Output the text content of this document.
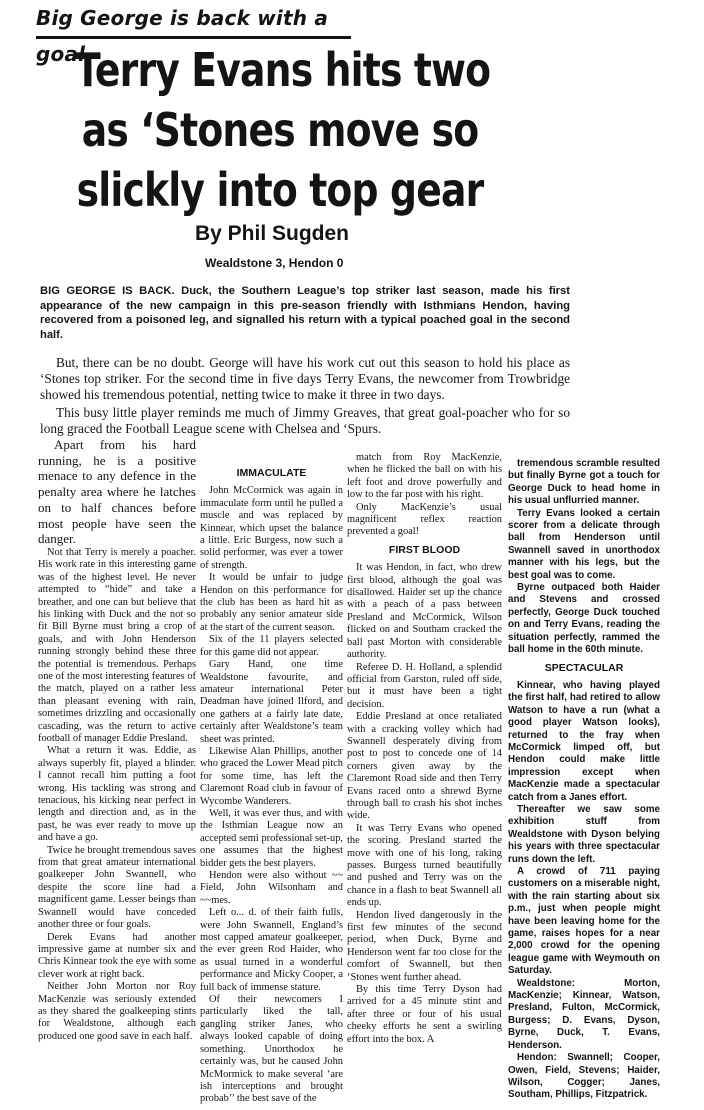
Big George is back with a goal
Terry Evans hits two
as ‘Stones move so
slickly into top gear
By Phil Sugden
Wealdstone 3, Hendon 0

BIG GEORGE IS BACK. Duck, the Southern League’s top striker last season, made his first appearance of the new campaign in this pre-season friendly with Isthmians Hendon, having recovered from a poisoned leg, and signalled his return with a typical poached goal in the second half.

But, there can be no doubt. George will have his work cut out this season to hold his place as ‘Stones top striker. For the second time in five days Terry Evans, the newcomer from Trowbridge showed his tremendous potential, netting twice to make it three in two days.

This busy little player reminds me much of Jimmy Greaves, that great goal-poacher who for so long graced the Football League scene with Chelsea and ‘Spurs.

Apart from his hard running, he is a positive menace to any defence in the penalty area where he latches on to half chances before most people have seen the danger.

Not that Terry is merely a poacher. His work rate in this interesting game was of the highest level. He never attempted to “hide” and take a breather, and one can but believe that his linking with Duck and the not so fit Bill Byrne must bring a crop of goals, and with John Henderson running strongly behind these three the potential is tremendous. Perhaps one of the most interesting features of the match, played on a rather less than pleasant evening with rain, sometimes drizzling and occasionally cascading, was the return to active football of manager Eddie Presland.

What a return it was. Eddie, as always superbly fit, played a blinder. I cannot recall him putting a foot wrong. His tackling was strong and tenacious, his kicking near perfect in length and direction and, as in the past, he was ever ready to move up and have a go.

Twice he brought tremendous saves from that great amateur international goalkeeper John Swannell, who despite the score line had a magnificent game. Lesser beings than Swannell would have conceded another three or four goals.

Derek Evans had another impressive game at number six and Chris Kinnear took the eye with some clever work at right back.

Neither John Morton nor Roy MacKenzie was seriously extended as they shared the goalkeeping stints for Wealdstone, although each produced one good save in each half.

IMMACULATE

John McCormick was again in immaculate form until he pulled a muscle and was replaced by Kinnear, which upset the balance a little. Eric Burgess, now such a solid performer, was ever a tower of strength.

It would be unfair to judge Hendon on this performance for the club has been as hard hit as probably any senior amateur side at the start of the current season.

Six of the 11 players selected for this game did not appear.

Gary Hand, one time Wealdstone favourite, and amateur international Peter Deadman have joined Ilford, and one gathers at a fairly late date, certainly after Wealdstone’s team sheet was printed.

Likewise Alan Phillips, another who graced the Lower Mead pitch for some time, has left the Claremont Road club in favour of Wycombe Wanderers.

Well, it was ever thus, and with the Isthmian League now an accepted semi professional set-up, one assumes that the highest bidder gets the best players.

Hendon were also without ~~ Field, John Wilsonham and ~~mes.

Left o... d. of their faith fulls, were John Swannell, England’s most capped amateur goalkeeper, the ever green Rod Haider, who as usual turned in a wonderful performance and Micky Cooper, a full back of immense stature.

Of their newcomers I particularly liked the tall, gangling striker Janes, who always looked capable of doing something. Unorthodox he certainly was, but he caused John McMormick to make several ‘are ish interceptions and brought probab’’ the best save of the

match from Roy MacKenzie, when he flicked the ball on with his left foot and drove powerfully and low to the far post with his right.

Only MacKenzie’s usual magnificent reflex reaction prevented a goal!

FIRST BLOOD

It was Hendon, in fact, who drew first blood, although the goal was disallowed. Haider set up the chance with a peach of a pass between Presland and McCormick, Wilson flicked on and Southam cracked the ball past Morton with considerable authority.

Referee D. H. Holland, a splendid official from Garston, ruled off side, but it must have been a tight decision.

Eddie Presland at once retaliated with a cracking volley which had Swannell desperately diving from post to post to concede one of 14 corners given away by the Claremont Road side and then Terry Evans raced onto a shrewd Byrne through ball to crash his shot inches wide.

It was Terry Evans who opened the scoring. Presland started the move with one of his long, raking passes. Burgess turned beautifully and pushed and Terry was on the chance in a flash to beat Swannell all ends up.

Hendon lived dangerously in the first few minutes of the second period, when Duck, Byrne and Henderson went far too close for the comfort of Swannell, but then ‘Stones went further ahead.

By this time Terry Dyson had arrived for a 45 minute stint and after three or four of his usual cheeky efforts he sent a swirling effort into the box. A

tremendous scramble resulted but finally Byrne got a touch for George Duck to head home in his usual unflurried manner.

Terry Evans looked a certain scorer from a delicate through ball from Henderson until Swannell saved in unorthodox manner with his legs, but the best goal was to come.

Byrne outpaced both Haider and Stevens and crossed perfectly, George Duck touched on and Terry Evans, reading the situation perfectly, rammed the ball home in the 60th minute.

SPECTACULAR

Kinnear, who having played the first half, had retired to allow Watson to have a run (what a good player Watson looks), returned to the fray when McCormick limped off, but Hendon could make little impression except when MacKenzie made a spectacular catch from a Janes effort.

Thereafter we saw some exhibition stuff from Wealdstone with Dyson belying his years with three spectacular runs down the left.

A crowd of 711 paying customers on a miserable night, with the rain starting about six p.m., just when people might have been leaving home for the game, raises hopes for a near 2,000 crowd for the opening league game with Weymouth on Saturday.

Wealdstone: Morton, MacKenzie; Kinnear, Watson, Presland, Fulton, McCormick, Burgess; D. Evans, Dyson, Byrne, Duck, T. Evans, Henderson.

Hendon: Swannell; Cooper, Owen, Field, Stevens; Haider, Wilson, Cogger; Janes, Southam, Phillips, Fitzpatrick.
